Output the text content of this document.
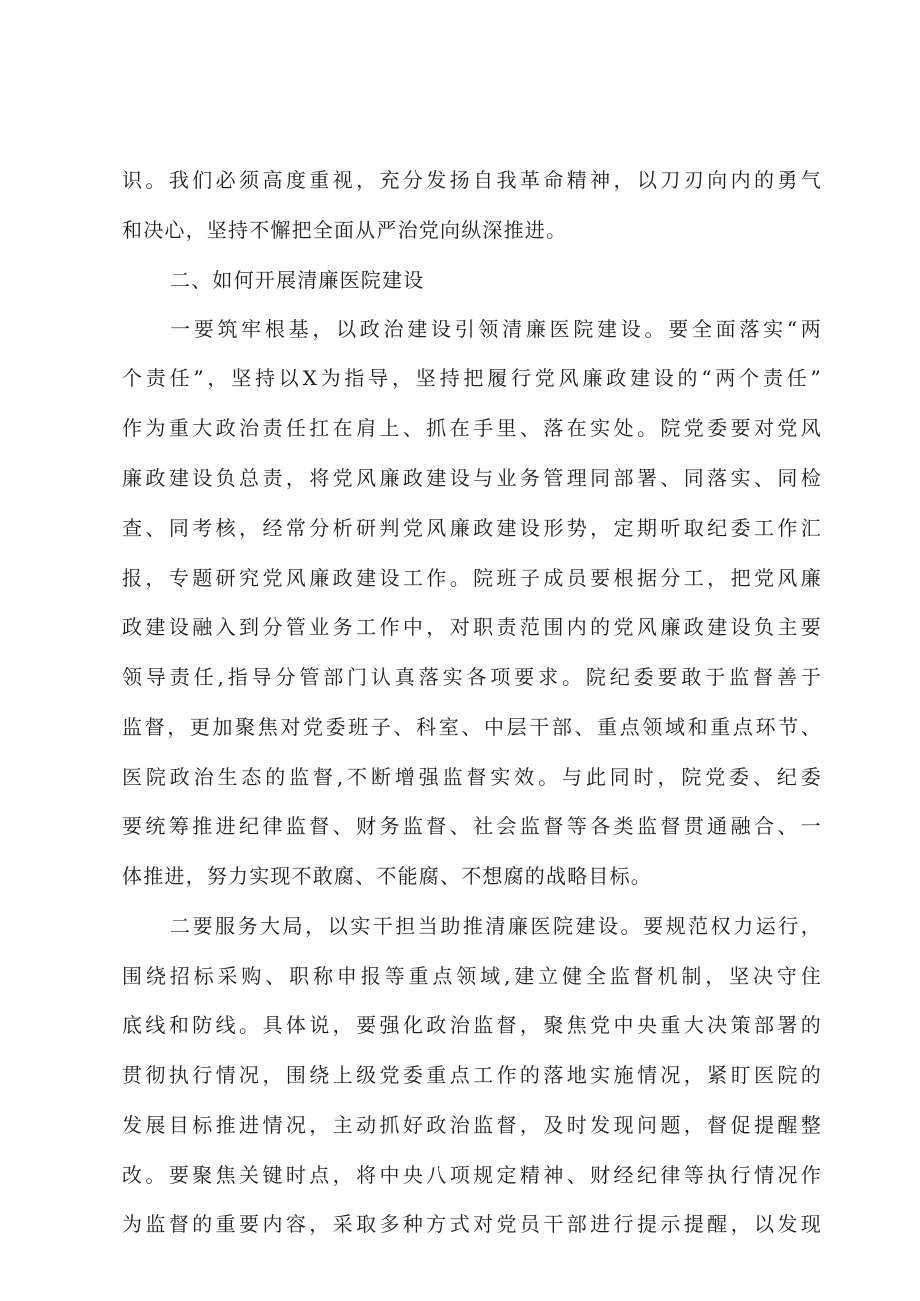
识。我们必须高度重视，充分发扬自我革命精神，以刀刃向内的勇气
和决心，坚持不懈把全面从严治党向纵深推进。
二、如何开展清廉医院建设
一要筑牢根基，以政治建设引领清廉医院建设。要全面落实“两
个责任”，坚持以X为指导，坚持把履行党风廉政建设的“两个责任”
作为重大政治责任扛在肩上、抓在手里、落在实处。院党委要对党风
廉政建设负总责，将党风廉政建设与业务管理同部署、同落实、同检
查、同考核，经常分析研判党风廉政建设形势，定期听取纪委工作汇
报，专题研究党风廉政建设工作。院班子成员要根据分工，把党风廉
政建设融入到分管业务工作中，对职责范围内的党风廉政建设负主要
领导责任,指导分管部门认真落实各项要求。院纪委要敢于监督善于
监督，更加聚焦对党委班子、科室、中层干部、重点领域和重点环节、
医院政治生态的监督,不断增强监督实效。与此同时，院党委、纪委
要统筹推进纪律监督、财务监督、社会监督等各类监督贯通融合、一
体推进，努力实现不敢腐、不能腐、不想腐的战略目标。
二要服务大局，以实干担当助推清廉医院建设。要规范权力运行，
围绕招标采购、职称申报等重点领域,建立健全监督机制，坚决守住
底线和防线。具体说，要强化政治监督，聚焦党中央重大决策部署的
贯彻执行情况，围绕上级党委重点工作的落地实施情况，紧盯医院的
发展目标推进情况，主动抓好政治监督，及时发现问题，督促提醒整
改。要聚焦关键时点，将中央八项规定精神、财经纪律等执行情况作
为监督的重要内容，采取多种方式对党员干部进行提示提醒，以发现
